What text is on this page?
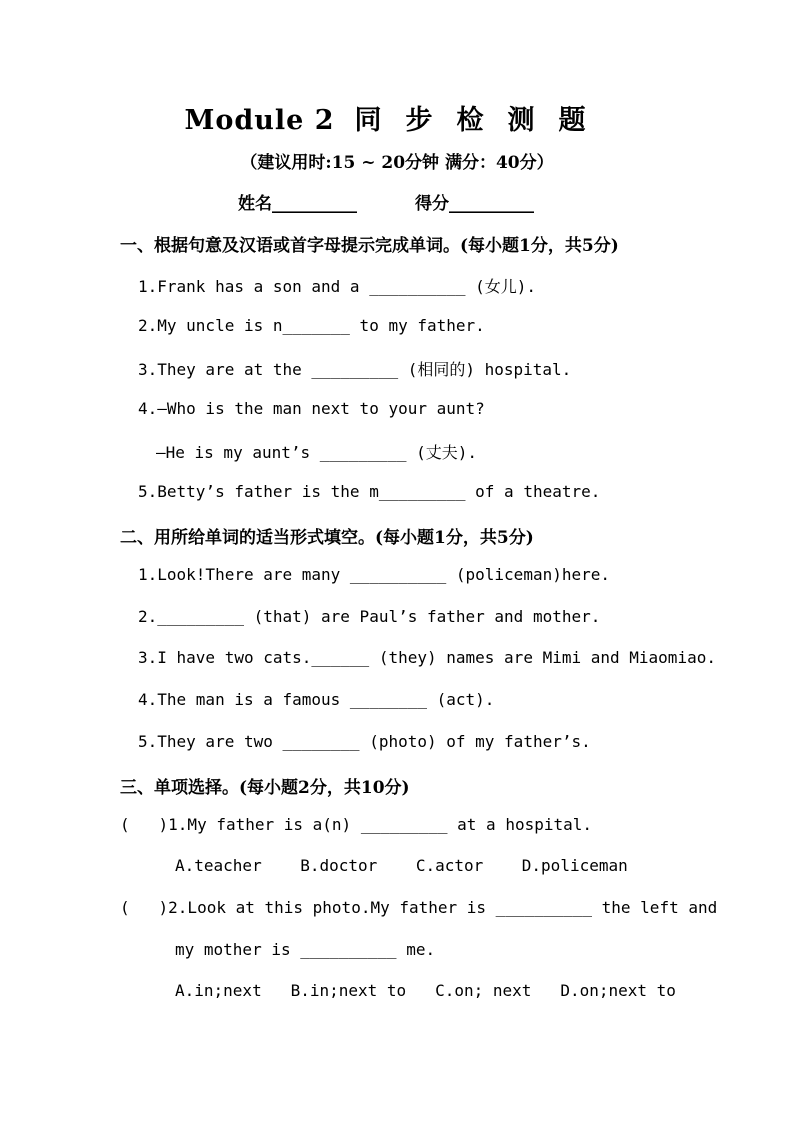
Module 2 同步检测题
（建议用时:15 ~ 20分钟 满分：40分）
姓名__________	得分__________
一、根据句意及汉语或首字母提示完成单词。(每小题1分，共5分)
1.Frank has a son and a __________ (女儿).
2.My uncle is n_______ to my father.
3.They are at the _________ (相同的) hospital.
4.—Who is the man next to your aunt?
—He is my aunt’s _________ (丈夫).
5.Betty’s father is the m_________ of a theatre.
二、用所给单词的适当形式填空。(每小题1分，共5分)
1.Look!There are many __________ (policeman)here.
2._________ (that) are Paul’s father and mother.
3.I have two cats.______ (they) names are Mimi and Miaomiao.
4.The man is a famous ________ (act).
5.They are two ________ (photo) of my father’s.
三、单项选择。(每小题2分，共10分)
(   )1.My father is a(n) _________ at a hospital.
A.teacher    B.doctor    C.actor    D.policeman
(   )2.Look at this photo.My father is __________ the left and
my mother is __________ me.
A.in;next   B.in;next to   C.on; next   D.on;next to
